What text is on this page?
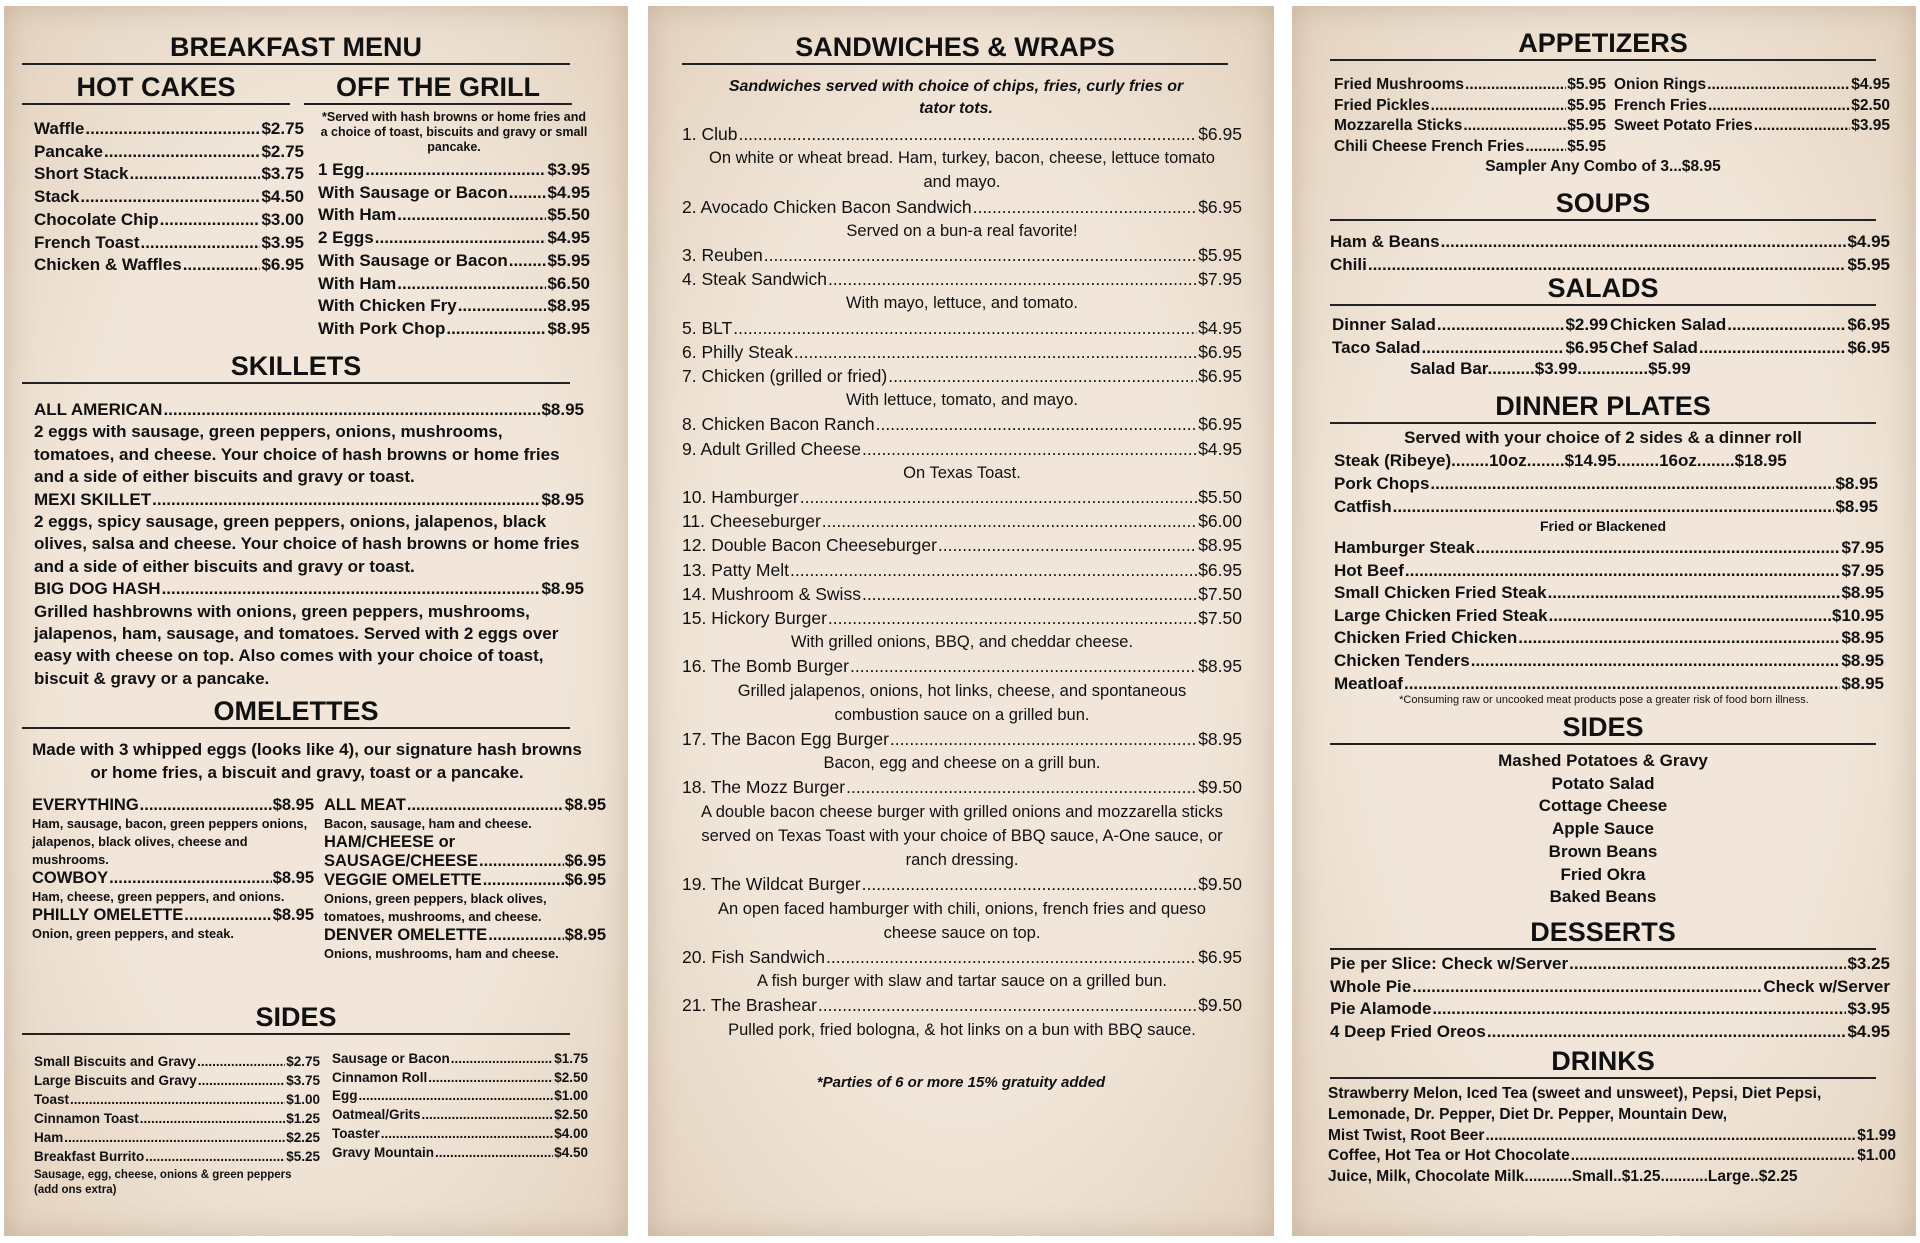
BREAKFAST MENU
HOT CAKES
Waffle .....	$2.75
Pancake .....	$2.75
Short Stack .....	$3.75
Stack .....	$4.50
Chocolate Chip .....	$3.00
French Toast .....	$3.95
Chicken & Waffles .....	$6.95
OFF THE GRILL
*Served with hash browns or home fries and a choice of toast, biscuits and gravy or small pancake.
1 Egg .....	$3.95
With Sausage or Bacon ..... $4.95
With Ham .....	$5.50
2 Eggs .....	$4.95
With Sausage or Bacon ..... $5.95
With Ham .....	$6.50
With Chicken Fry .....	$8.95
With Pork Chop .....	$8.95
SKILLETS
ALL AMERICAN .....	$8.95
2 eggs with sausage, green peppers, onions, mushrooms, tomatoes, and cheese. Your choice of hash browns or home fries and a side of either biscuits and gravy or toast.
MEXI SKILLET .....	$8.95
2 eggs, spicy sausage, green peppers, onions, jalapenos, black olives, salsa and cheese. Your choice of hash browns or home fries and a side of either biscuits and gravy or toast.
BIG DOG HASH .....	$8.95
Grilled hashbrowns with onions, green peppers, mushrooms, jalapenos, ham, sausage, and tomatoes. Served with 2 eggs over easy with cheese on top. Also comes with your choice of toast, biscuit & gravy or a pancake.
OMELETTES
Made with 3 whipped eggs (looks like 4), our signature hash browns or home fries, a biscuit and gravy, toast or a pancake.
EVERYTHING .....	$8.95
Ham, sausage, bacon, green peppers onions, jalapenos, black olives, cheese and mushrooms.
COWBOY .....	$8.95
Ham, cheese, green peppers, and onions.
PHILLY OMELETTE .....	$8.95
Onion, green peppers, and steak.
ALL MEAT .....	$8.95
Bacon, sausage, ham and cheese.
HAM/CHEESE or
SAUSAGE/CHEESE .....	$6.95
VEGGIE OMELETTE .....	$6.95
Onions, green peppers, black olives, tomatoes, mushrooms, and cheese.
DENVER OMELETTE .....	$8.95
Onions, mushrooms, ham and cheese.
SIDES
Small Biscuits and Gravy .....	$2.75
Large Biscuits and Gravy .....	$3.75
Toast .....	$1.00
Cinnamon Toast .....	$1.25
Ham .....	$2.25
Breakfast Burrito .....	$5.25
Sausage, egg, cheese, onions & green peppers (add ons extra)
Sausage or Bacon .....	$1.75
Cinnamon Roll .....	$2.50
Egg .....	$1.00
Oatmeal/Grits .....	$2.50
Toaster .....	$4.00
Gravy Mountain .....	$4.50
SANDWICHES & WRAPS
Sandwiches served with choice of chips, fries, curly fries or tator tots.
1. Club .....	$6.95
On white or wheat bread. Ham, turkey, bacon, cheese, lettuce tomato and mayo.
2. Avocado Chicken Bacon Sandwich .....	$6.95
Served on a bun-a real favorite!
3. Reuben .....	$5.95
4. Steak Sandwich .....	$7.95
With mayo, lettuce, and tomato.
5. BLT .....	$4.95
6. Philly Steak .....	$6.95
7. Chicken (grilled or fried) .....	$6.95
With lettuce, tomato, and mayo.
8. Chicken Bacon Ranch .....	$6.95
9. Adult Grilled Cheese .....	$4.95
On Texas Toast.
10. Hamburger .....	$5.50
11. Cheeseburger .....	$6.00
12. Double Bacon Cheeseburger .....	$8.95
13. Patty Melt .....	$6.95
14. Mushroom & Swiss .....	$7.50
15. Hickory Burger .....	$7.50
With grilled onions, BBQ, and cheddar cheese.
16. The Bomb Burger .....	$8.95
Grilled jalapenos, onions, hot links, cheese, and spontaneous combustion sauce on a grilled bun.
17. The Bacon Egg Burger .....	$8.95
Bacon, egg and cheese on a grill bun.
18. The Mozz Burger .....	$9.50
A double bacon cheese burger with grilled onions and mozzarella sticks served on Texas Toast with your choice of BBQ sauce, A-One sauce, or ranch dressing.
19. The Wildcat Burger .....	$9.50
An open faced hamburger with chili, onions, french fries and queso cheese sauce on top.
20. Fish Sandwich .....	$6.95
A fish burger with slaw and tartar sauce on a grilled bun.
21. The Brashear .....	$9.50
Pulled pork, fried bologna, & hot links on a bun with BBQ sauce.
*Parties of 6 or more 15% gratuity added
APPETIZERS
Fried Mushrooms .....	$5.95
Fried Pickles .....	$5.95
Mozzarella Sticks .....	$5.95
Chili Cheese French Fries .....	$5.95
Onion Rings .....	$4.95
French Fries .....	$2.50
Sweet Potato Fries .....	$3.95
Sampler Any Combo of 3...$8.95
SOUPS
Ham & Beans .....	$4.95
Chili .....	$5.95
SALADS
Dinner Salad .....	$2.99
Taco Salad .....	$6.95
Chicken Salad .....	$6.95
Chef Salad .....	$6.95
Salad Bar..........$3.99...............$5.99
DINNER PLATES
Served with your choice of 2 sides & a dinner roll
Steak (Ribeye)........10oz........$14.95.........16oz........$18.95
Pork Chops .....	$8.95
Catfish .....	$8.95
Fried or Blackened
Hamburger Steak .....	$7.95
Hot Beef .....	$7.95
Small Chicken Fried Steak .....	$8.95
Large Chicken Fried Steak .....	$10.95
Chicken Fried Chicken .....	$8.95
Chicken Tenders .....	$8.95
Meatloaf .....	$8.95
*Consuming raw or uncooked meat products pose a greater risk of food born illness.
SIDES
Mashed Potatoes & Gravy
Potato Salad
Cottage Cheese
Apple Sauce
Brown Beans
Fried Okra
Baked Beans
DESSERTS
Pie per Slice: Check w/Server .....	$3.25
Whole Pie .....	Check w/Server
Pie Alamode .....	$3.95
4 Deep Fried Oreos .....	$4.95
DRINKS
Strawberry Melon, Iced Tea (sweet and unsweet), Pepsi, Diet Pepsi,
Lemonade, Dr. Pepper, Diet Dr. Pepper, Mountain Dew,
Mist Twist, Root Beer .....	$1.99
Coffee, Hot Tea or Hot Chocolate .....	$1.00
Juice, Milk, Chocolate Milk ........... Small..$1.25 ........... Large..$2.25
